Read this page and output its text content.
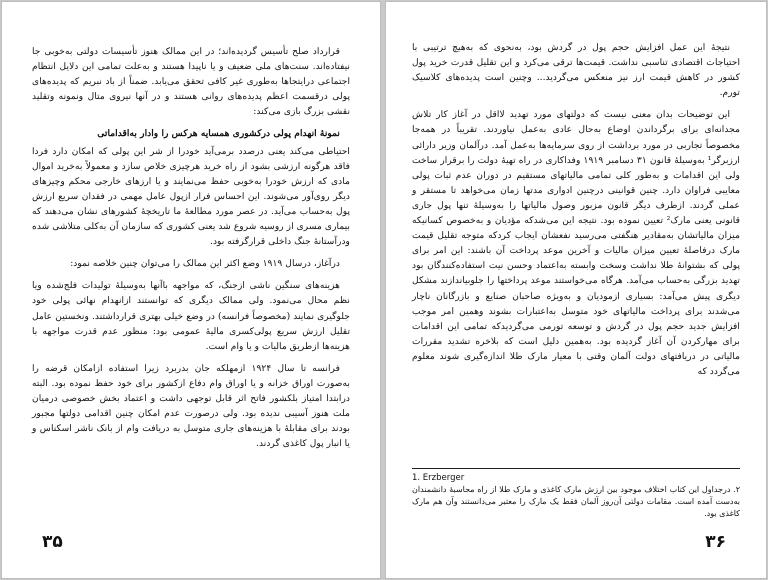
قرارداد صلح تأسیس گردیده‌اند؛ در این ممالک هنوز تأسیسات دولتی به‌خوبی جا نیفتاده‌اند. سنت‌های ملی ضعیف و یا ناپیدا هستند و به‌علت تمامی این دلایل انتظام اجتماعی درایتجاها به‌طوری غیر کافی تحقق می‌یابد. ضمناً از باد نبریم که پدیده‌های پولی درقسمت اعظم پدیده‌های روانی هستند و در آنها نیروی متال ونمونه وتقلید نقشی بزرگ بازی می‌کند:

نمونهٔ انهدام پولی درکشوری همسایه هرکس را وادار به‌اقداماتی

احتیاطی می‌کند یعنی درصدد برمی‌آید خودرا از شر این پولی که امکان دارد فردا فاقد هرگونه ارزشی بشود از راه خرید هرچیزی خلاص سازد و معمولاً به‌خرید اموال مادی که ارزش خودرا به‌خوبی حفظ می‌نمایند و یا ارزهای خارجی محکم وچیزهای دیگر روی‌آور می‌شوند. این احساس فرار ازپول عامل مهمی در فقدان سریع ارزش پول به‌حساب می‌آید. در عصر مورد مطالعهٔ ما تاریخچهٔ کشورهای نشان می‌دهند که بیماری مسری از روسیه شروع شد یعنی کشوری که سازمان آن به‌کلی متلاشی شده ودرآستانهٔ جنگ داخلی قرارگرفته بود.

درآغاز، درسال ۱۹۱۹ وضع اکثر این ممالک را می‌توان چنین خلاصه نمود:

هزینه‌های سنگین ناشی ازجنگ، که مواجهه باآنها به‌وسیلهٔ تولیدات فلج‌شده ویا نظم محال می‌نمود. ولی ممالک دیگری که توانستند ازانهدام نهائی پولی خود جلوگیری نمایند (مخصوصاً فرانسه) در وضع خیلی بهتری قرارداشتند. ونخستین عامل تقلیل ارزش سریع پولی‌کسری مالیهٔ عمومی بود: منظور عدم قدرت مواجهه با هزینه‌ها ازطریق مالیات و یا وام است.

فرانسه تا سال ۱۹۲۴ ازمهلکه جان بدربرد زیرا استفاده ازامکان قرضه را به‌صورت اوراق خزانه و یا اوراق وام دفاع ازکشور برای خود حفظ نموده بود. البته درابتدا امتیاز بلکشور فاتح اثر قابل توجهی داشت و اعتماد بخش خصوصی درمیان ملت هنوز آسیبی ندیده بود. ولی درصورت عدم امکان چنین اقدامی دولتها مجبور بودند برای مقابلهٔ با هزینه‌های جاری متوسل به دریافت وام از بانک ناشر اسکناس و یا انبار پول کاغذی گردند.

۳۵

نتیجهٔ این عمل افزایش حجم پول در گردش بود، به‌نحوی که به‌هیچ ترتیبی با احتیاجات اقتصادی تناسبی نداشت. قیمت‌ها ترقی می‌کرد و این تقلیل قدرت خرید پول کشور در کاهش قیمت ارز نیز منعکس می‌گردید... وچنین است پدیده‌های کلاسیک تورم.

این توضیحات بدان معنی نیست که دولتهای مورد تهدید لااقل در آغاز کار تلاش مجدانه‌ای برای برگرداندن اوضاع به‌حال عادی به‌عمل نیاوردند. تقریباً در همه‌جا مخصوصاً تجاربی در مورد برداشت از روی سرمایه‌ها به‌عمل آمد. درآلمان وزیر دارائی ارزبرگر¹ به‌وسیلهٔ قانون ۳۱ دسامبر ۱۹۱۹ وفداکاری در راه تهیهٔ دولت را برقرار ساخت ولی این اقدامات و به‌طور کلی تمامی مالیاتهای مستقیم در دوران عدم ثبات پولی معایبی فراوان دارد. چنین قوانینی درچنین ادواری مدتها زمان می‌خواهد تا مستقر و عملی گردند. ازطرف دیگر قانون مزبور وصول مالیاتها را به‌وسیلهٔ تنها پول جاری قانونی یعنی مارک² تعیین نموده بود. نتیجه این می‌شدکه مؤدیان و به‌خصوص کسانیکه میزان مالیاتشان به‌مقادیر هنگفتی می‌رسید نفعشان ایجاب کردکه متوجه تقلیل قیمت مارک درفاصلهٔ تعیین میزان مالیات و آخرین موعد پرداخت آن باشند: این امر برای پولی که بشتوانهٔ طلا نداشت وسخت وابسته به‌اعتماد وحسن نیت استفاده‌کنندگان بود تهدید بزرگی به‌حساب می‌آمد. هرگاه می‌خواستند موعد پرداختها را جلوبیاندازند مشکل دیگری پیش می‌آمد: بسیاری ازمودیان و به‌ویژه صاحبان صنایع و بازرگانان ناچار می‌شدند برای پرداخت مالیاتهای خود متوسل به‌اعتبارات بشوند وهمین امر موجب افزایش جدید حجم پول در گردش و توسعه تورمی می‌گردیدکه تمامی این اقدامات برای مهارکردن آن آغاز گردیده بود. به‌همین دلیل است که بلاخره تشدید مقررات مالیاتی در دریافتهای دولت آلمان وقتی با معیار مارک طلا اندازه‌گیری شوند معلوم می‌گردد که

1. Erzberger
۲. درجداول این کتاب اختلاف موجود بین ارزش مارک کاغذی و مارک طلا از راه محاسبهٔ دانشمندان به‌دست آمده است. مقامات دولتی آن‌روز آلمان فقط یک مارک را معتبر می‌دانستند وآن هم مارک کاغذی بود.
۳۶
